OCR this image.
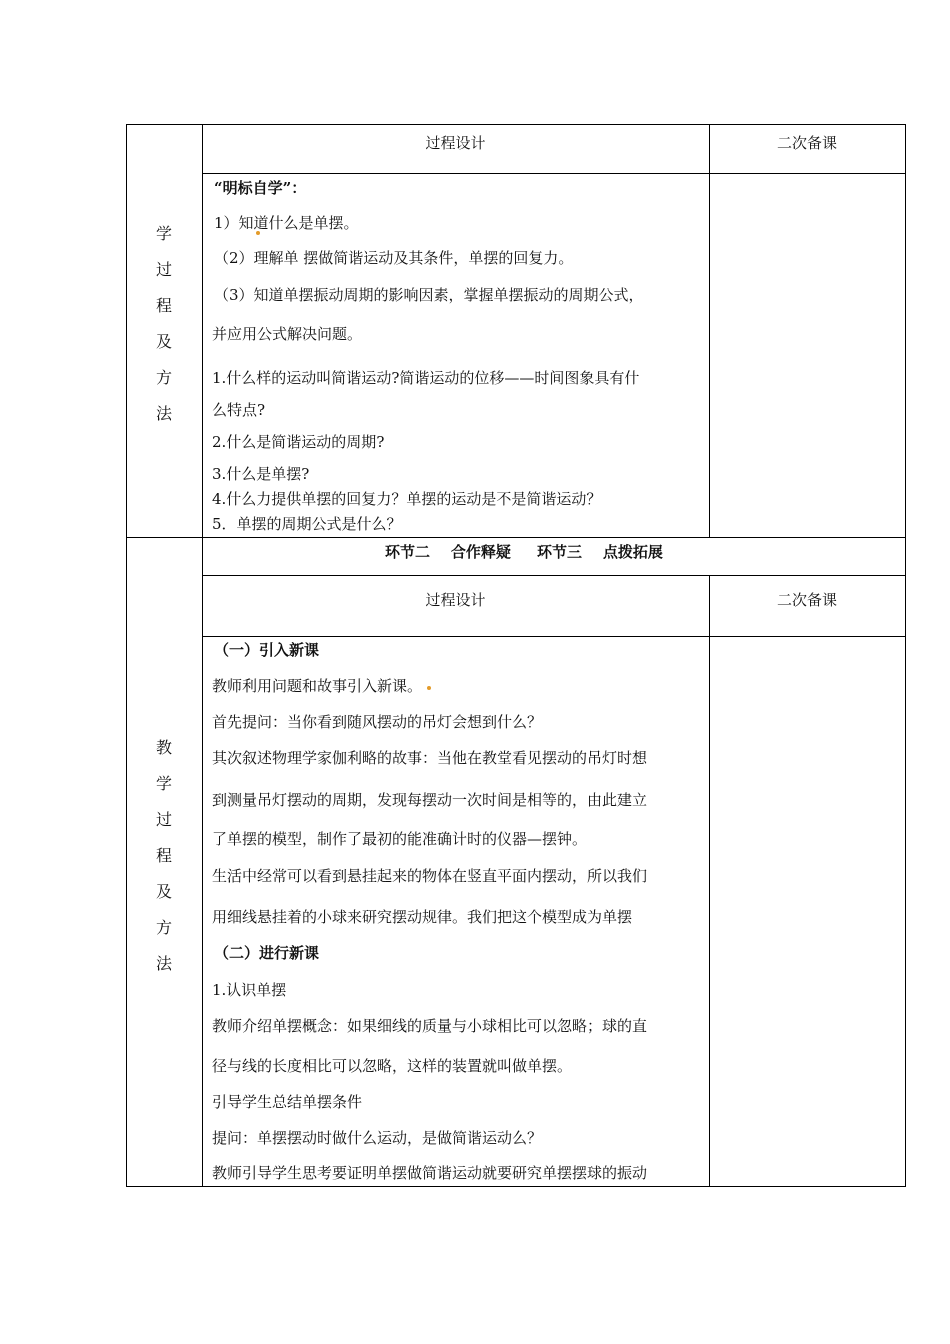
学
过
程
及
方
法
过程设计	二次备课
“明标自学”：
1）知道什么是单摆。
（2）理解单 摆做简谐运动及其条件，单摆的回复力。
（3）知道单摆振动周期的影响因素，掌握单摆振动的周期公式，
并应用公式解决问题。
1.什么样的运动叫简谐运动?简谐运动的位移——时间图象具有什
么特点?
2.什么是简谐运动的周期?
3.什么是单摆?
4.什么力提供单摆的回复力？单摆的运动是不是简谐运动？
5．单摆的周期公式是什么？
环节二    合作释疑     环节三    点拨拓展
过程设计	二次备课
教
学
过
程
及
方
法
（一）引入新课
教师利用问题和故事引入新课。
首先提问：当你看到随风摆动的吊灯会想到什么？
其次叙述物理学家伽利略的故事：当他在教堂看见摆动的吊灯时想
到测量吊灯摆动的周期，发现每摆动一次时间是相等的，由此建立
了单摆的模型，制作了最初的能准确计时的仪器—摆钟。
生活中经常可以看到悬挂起来的物体在竖直平面内摆动，所以我们
用细线悬挂着的小球来研究摆动规律。我们把这个模型成为单摆
（二）进行新课
1.认识单摆
教师介绍单摆概念：如果细线的质量与小球相比可以忽略；球的直
径与线的长度相比可以忽略，这样的装置就叫做单摆。
引导学生总结单摆条件
提问：单摆摆动时做什么运动，是做简谐运动么？
教师引导学生思考要证明单摆做简谐运动就要研究单摆摆球的振动
